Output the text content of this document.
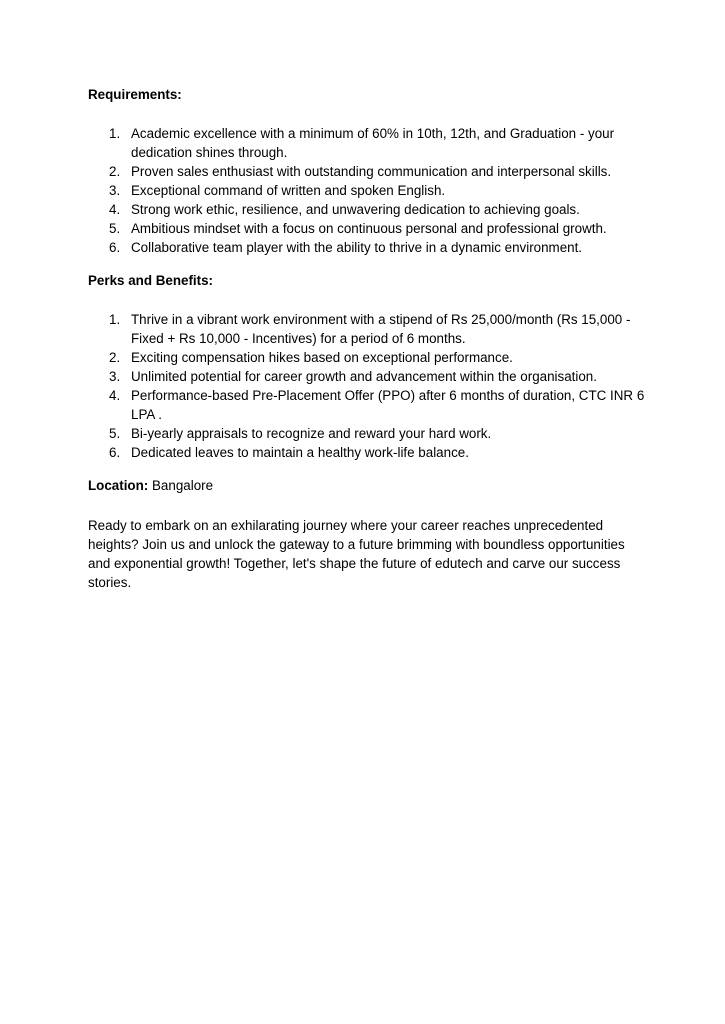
Requirements:

1. Academic excellence with a minimum of 60% in 10th, 12th, and Graduation - your dedication shines through.
2. Proven sales enthusiast with outstanding communication and interpersonal skills.
3. Exceptional command of written and spoken English.
4. Strong work ethic, resilience, and unwavering dedication to achieving goals.
5. Ambitious mindset with a focus on continuous personal and professional growth.
6. Collaborative team player with the ability to thrive in a dynamic environment.

Perks and Benefits:

1. Thrive in a vibrant work environment with a stipend of Rs 25,000/month (Rs 15,000 - Fixed + Rs 10,000 - Incentives) for a period of 6 months.
2. Exciting compensation hikes based on exceptional performance.
3. Unlimited potential for career growth and advancement within the organisation.
4. Performance-based Pre-Placement Offer (PPO) after 6 months of duration, CTC INR 6 LPA .
5. Bi-yearly appraisals to recognize and reward your hard work.
6. Dedicated leaves to maintain a healthy work-life balance.

Location: Bangalore

Ready to embark on an exhilarating journey where your career reaches unprecedented heights? Join us and unlock the gateway to a future brimming with boundless opportunities and exponential growth! Together, let's shape the future of edutech and carve our success stories.
